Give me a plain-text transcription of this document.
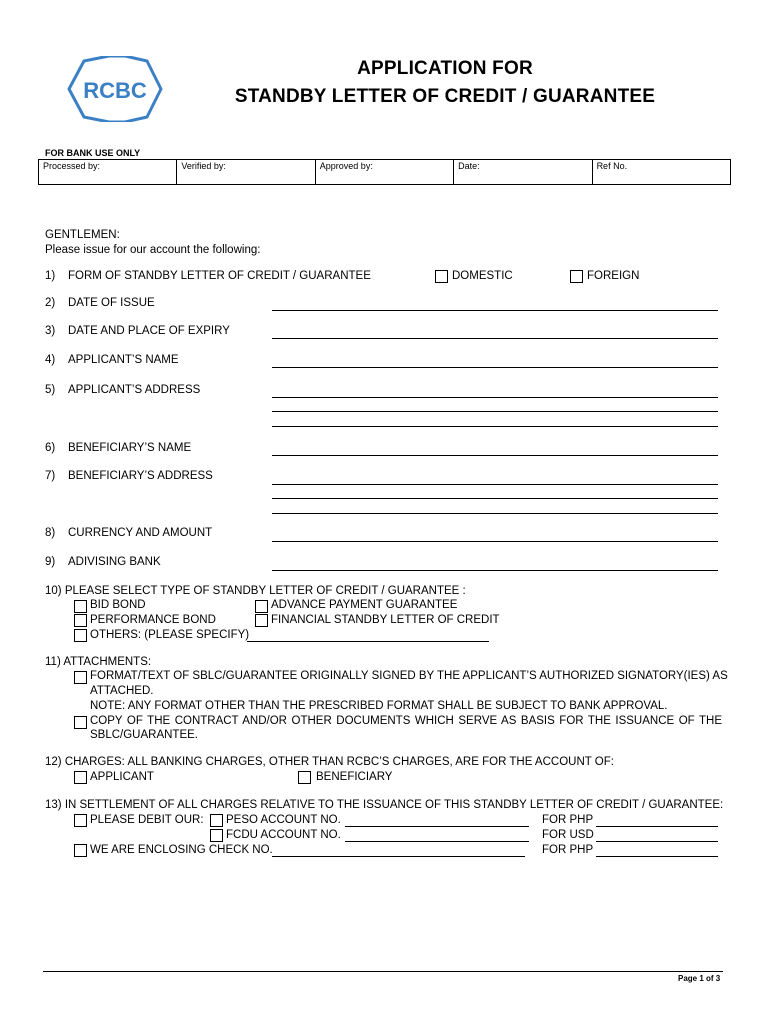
RCBC
APPLICATION FOR
STANDBY LETTER OF CREDIT / GUARANTEE
FOR BANK USE ONLY
Processed by:	Verified by:	Approved by:	Date:	Ref No.
GENTLEMEN:
Please issue for our account the following:
1) FORM OF STANDBY LETTER OF CREDIT / GUARANTEE	DOMESTIC	FOREIGN
2) DATE OF ISSUE
3) DATE AND PLACE OF EXPIRY
4) APPLICANT’S NAME
5) APPLICANT’S ADDRESS
6) BENEFICIARY’S NAME
7) BENEFICIARY’S ADDRESS
8) CURRENCY AND AMOUNT
9) ADIVISING BANK
10) PLEASE SELECT TYPE OF STANDBY LETTER OF CREDIT / GUARANTEE :
BID BOND	ADVANCE PAYMENT GUARANTEE
PERFORMANCE BOND	FINANCIAL STANDBY LETTER OF CREDIT
OTHERS: (PLEASE SPECIFY)
11) ATTACHMENTS:
FORMAT/TEXT OF SBLC/GUARANTEE ORIGINALLY SIGNED BY THE APPLICANT’S AUTHORIZED SIGNATORY(IES) AS
ATTACHED.
NOTE: ANY FORMAT OTHER THAN THE PRESCRIBED FORMAT SHALL BE SUBJECT TO BANK APPROVAL.
COPY OF THE CONTRACT AND/OR OTHER DOCUMENTS WHICH SERVE AS BASIS FOR THE ISSUANCE OF THE
SBLC/GUARANTEE.
12) CHARGES: ALL BANKING CHARGES, OTHER THAN RCBC’S CHARGES, ARE FOR THE ACCOUNT OF:
APPLICANT	BENEFICIARY
13) IN SETTLEMENT OF ALL CHARGES RELATIVE TO THE ISSUANCE OF THIS STANDBY LETTER OF CREDIT / GUARANTEE:
PLEASE DEBIT OUR: PESO ACCOUNT NO.	FOR PHP
FCDU ACCOUNT NO.	FOR USD
WE ARE ENCLOSING CHECK NO.	FOR PHP
Page 1 of 3
